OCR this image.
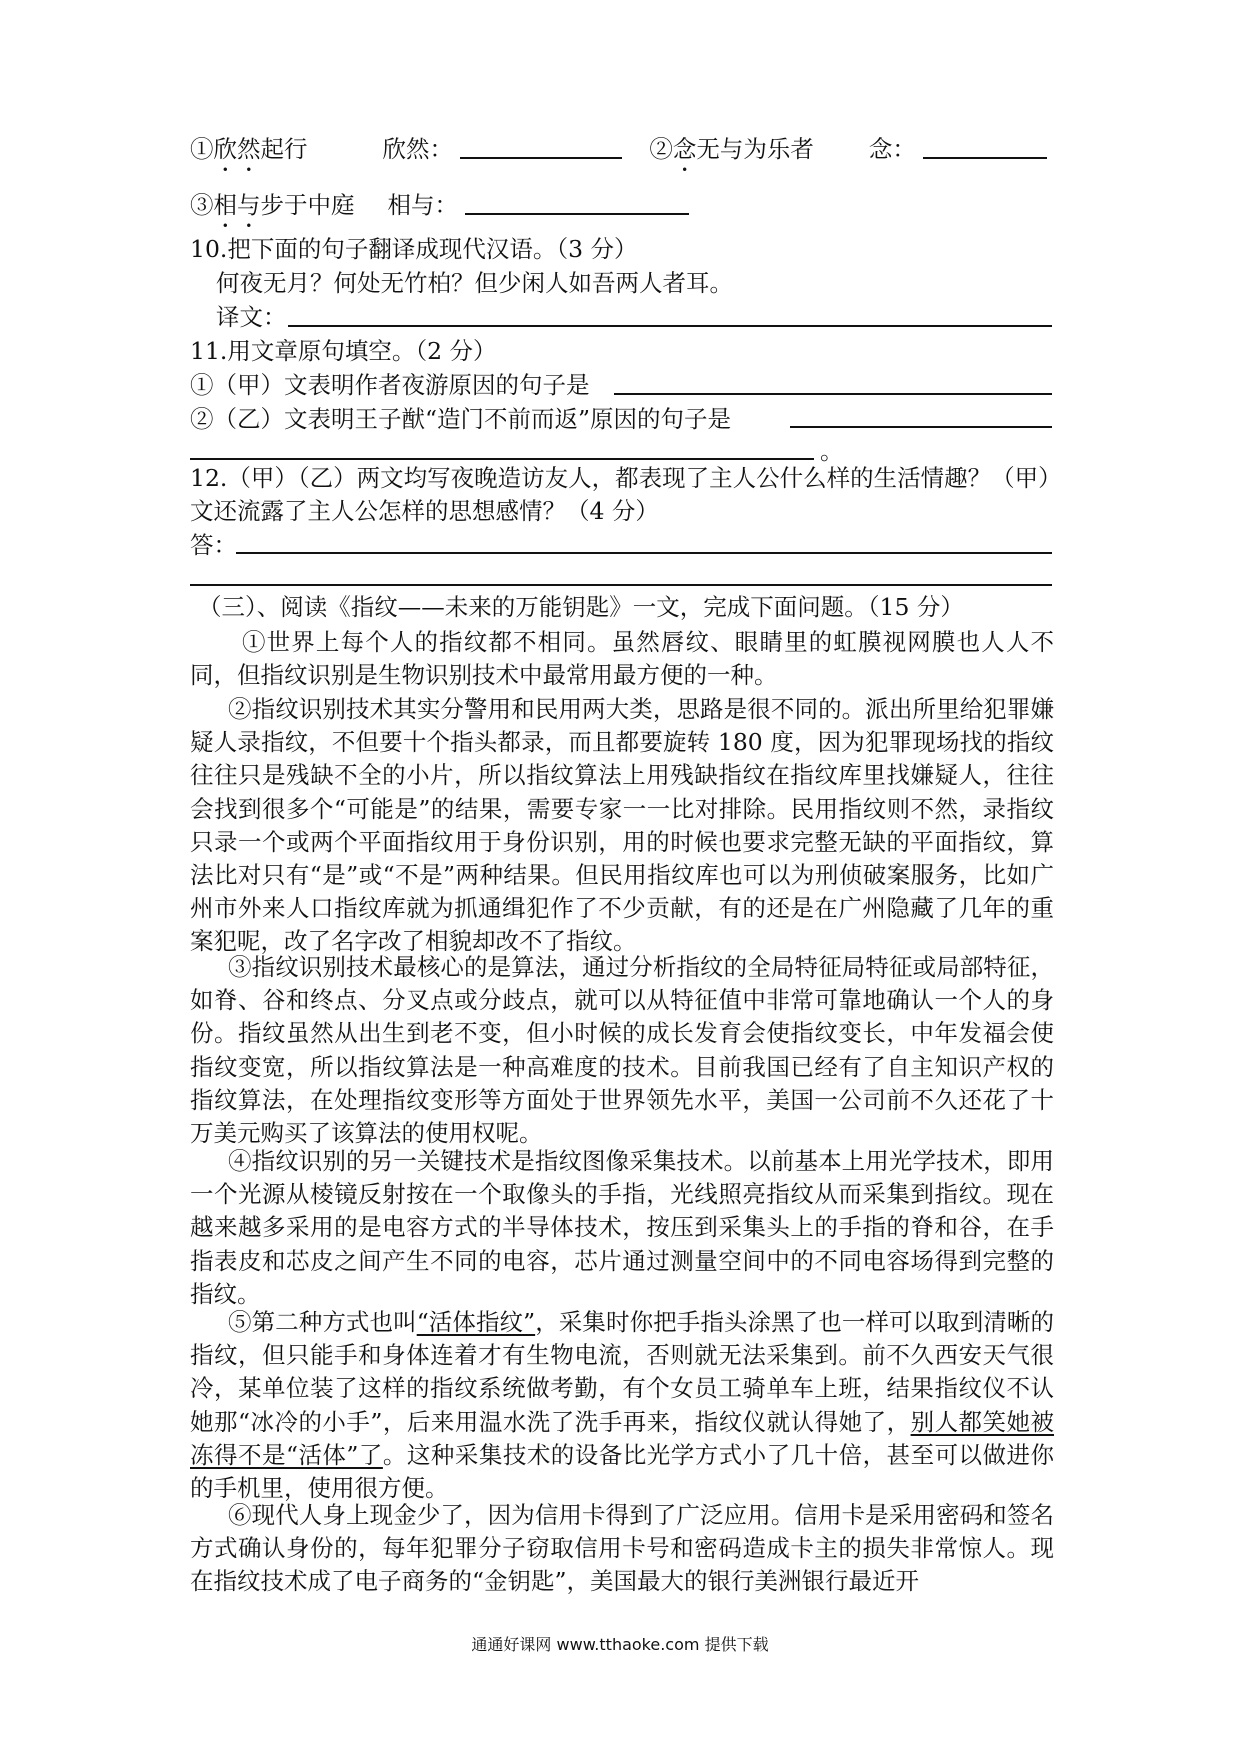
①欣然起行	欣然：	②念无与为乐者 念：
③相与步于中庭 相与：
10.把下面的句子翻译成现代汉语。（3 分）
何夜无月？何处无竹柏？但少闲人如吾两人者耳。
译文：
11.用文章原句填空。（2 分）
①（甲）文表明作者夜游原因的句子是
②（乙）文表明王子猷“造门不前而返”原因的句子是
。
12.（甲）（乙）两文均写夜晚造访友人，都表现了主人公什么样的生活情趣？（甲）
文还流露了主人公怎样的思想感情？（4 分）
答：
（三）、阅读《指纹——未来的万能钥匙》一文，完成下面问题。（15 分）
①世界上每个人的指纹都不相同。虽然唇纹、眼睛里的虹膜视网膜也人人不同，但指纹识别是生物识别技术中最常用最方便的一种。
②指纹识别技术其实分警用和民用两大类，思路是很不同的。派出所里给犯罪嫌疑人录指纹，不但要十个指头都录，而且都要旋转 180 度，因为犯罪现场找的指纹往往只是残缺不全的小片，所以指纹算法上用残缺指纹在指纹库里找嫌疑人，往往会找到很多个“可能是”的结果，需要专家一一比对排除。民用指纹则不然，录指纹只录一个或两个平面指纹用于身份识别，用的时候也要求完整无缺的平面指纹，算法比对只有“是”或“不是”两种结果。但民用指纹库也可以为刑侦破案服务，比如广州市外来人口指纹库就为抓通缉犯作了不少贡献，有的还是在广州隐藏了几年的重案犯呢，改了名字改了相貌却改不了指纹。
③指纹识别技术最核心的是算法，通过分析指纹的全局特征局特征或局部特征，如脊、谷和终点、分叉点或分歧点，就可以从特征值中非常可靠地确认一个人的身份。指纹虽然从出生到老不变，但小时候的成长发育会使指纹变长，中年发福会使指纹变宽，所以指纹算法是一种高难度的技术。目前我国已经有了自主知识产权的指纹算法，在处理指纹变形等方面处于世界领先水平，美国一公司前不久还花了十万美元购买了该算法的使用权呢。
④指纹识别的另一关键技术是指纹图像采集技术。以前基本上用光学技术，即用一个光源从棱镜反射按在一个取像头的手指，光线照亮指纹从而采集到指纹。现在越来越多采用的是电容方式的半导体技术，按压到采集头上的手指的脊和谷，在手指表皮和芯皮之间产生不同的电容，芯片通过测量空间中的不同电容场得到完整的指纹。
⑤第二种方式也叫“活体指纹”，采集时你把手指头涂黑了也一样可以取到清晰的指纹，但只能手和身体连着才有生物电流，否则就无法采集到。前不久西安天气很冷，某单位装了这样的指纹系统做考勤，有个女员工骑单车上班，结果指纹仪不认她那“冰冷的小手”，后来用温水洗了洗手再来，指纹仪就认得她了，别人都笑她被冻得不是“活体”了。这种采集技术的设备比光学方式小了几十倍，甚至可以做进你的手机里，使用很方便。
⑥现代人身上现金少了，因为信用卡得到了广泛应用。信用卡是采用密码和签名方式确认身份的，每年犯罪分子窃取信用卡号和密码造成卡主的损失非常惊人。现在指纹技术成了电子商务的“金钥匙”，美国最大的银行美洲银行最近开
通通好课网 www.tthaoke.com 提供下载
